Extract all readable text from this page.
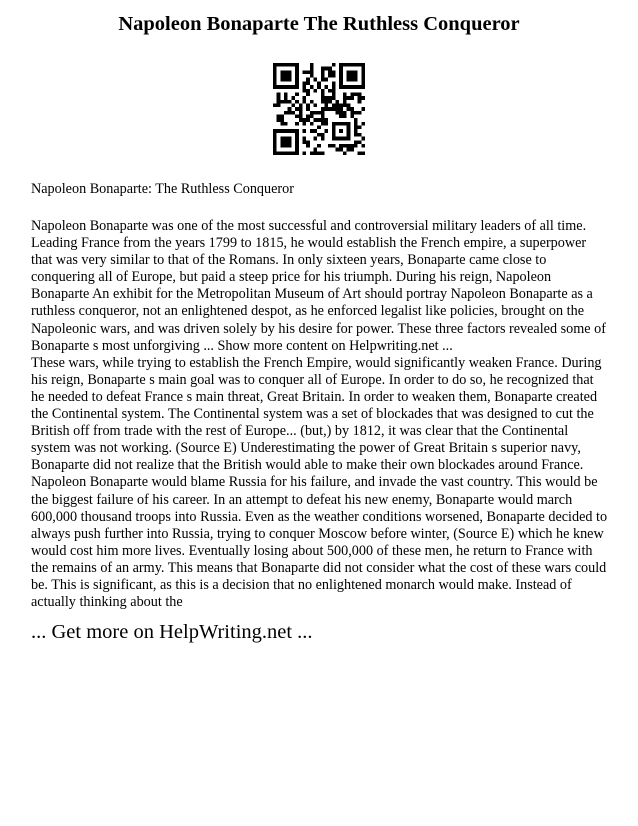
Napoleon Bonaparte The Ruthless Conqueror

Napoleon Bonaparte: The Ruthless Conqueror

Napoleon Bonaparte was one of the most successful and controversial military leaders of all time. Leading France from the years 1799 to 1815, he would establish the French empire, a superpower that was very similar to that of the Romans. In only sixteen years, Bonaparte came close to conquering all of Europe, but paid a steep price for his triumph. During his reign, Napoleon Bonaparte An exhibit for the Metropolitan Museum of Art should portray Napoleon Bonaparte as a ruthless conqueror, not an enlightened despot, as he enforced legalist like policies, brought on the Napoleonic wars, and was driven solely by his desire for power. These three factors revealed some of Bonaparte s most unforgiving ... Show more content on Helpwriting.net ...

These wars, while trying to establish the French Empire, would significantly weaken France. During his reign, Bonaparte s main goal was to conquer all of Europe. In order to do so, he recognized that he needed to defeat France s main threat, Great Britain. In order to weaken them, Bonaparte created the Continental system. The Continental system was a set of blockades that was designed to cut the British off from trade with the rest of Europe... (but,) by 1812, it was clear that the Continental system was not working. (Source E) Underestimating the power of Great Britain s superior navy, Bonaparte did not realize that the British would able to make their own blockades around France. Napoleon Bonaparte would blame Russia for his failure, and invade the vast country. This would be the biggest failure of his career. In an attempt to defeat his new enemy, Bonaparte would march 600,000 thousand troops into Russia. Even as the weather conditions worsened, Bonaparte decided to always push further into Russia, trying to conquer Moscow before winter, (Source E) which he knew would cost him more lives. Eventually losing about 500,000 of these men, he return to France with the remains of an army. This means that Bonaparte did not consider what the cost of these wars could be. This is significant, as this is a decision that no enlightened monarch would make. Instead of actually thinking about the

... Get more on HelpWriting.net ...
